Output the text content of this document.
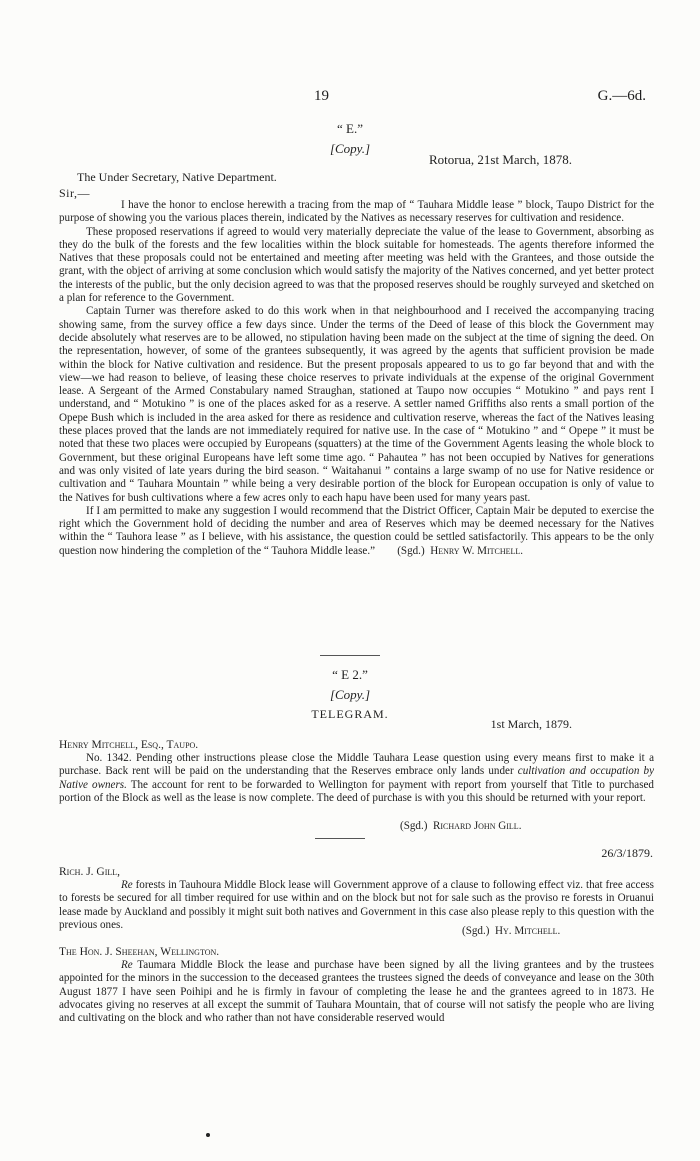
19	G.—6d.
“ E.”
[Copy.]
Rotorua, 21st March, 1878.
The Under Secretary, Native Department.
Sir,—

I have the honor to enclose herewith a tracing from the map of “ Tauhara Middle lease ” block, Taupo District for the purpose of showing you the various places therein, indicated by the Natives as necessary reserves for cultivation and residence.

These proposed reservations if agreed to would very materially depreciate the value of the lease to Government, absorbing as they do the bulk of the forests and the few localities within the block suitable for homesteads. The agents therefore informed the Natives that these proposals could not be entertained and meeting after meeting was held with the Grantees, and those outside the grant, with the object of arriving at some conclusion which would satisfy the majority of the Natives concerned, and yet better protect the interests of the public, but the only decision agreed to was that the proposed reserves should be roughly surveyed and sketched on a plan for reference to the Government.

Captain Turner was therefore asked to do this work when in that neighbourhood and I received the accompanying tracing showing same, from the survey office a few days since. Under the terms of the Deed of lease of this block the Government may decide absolutely what reserves are to be allowed, no stipulation having been made on the subject at the time of signing the deed. On the representation, however, of some of the grantees subsequently, it was agreed by the agents that sufficient provision be made within the block for Native cultivation and residence. But the present proposals appeared to us to go far beyond that and with the view—we had reason to believe, of leasing these choice reserves to private individuals at the expense of the original Government lease. A Sergeant of the Armed Constabulary named Straughan, stationed at Taupo now occupies “ Motukino ” and pays rent I understand, and “ Motukino ” is one of the places asked for as a reserve. A settler named Griffiths also rents a small portion of the Opepe Bush which is included in the area asked for there as residence and cultivation reserve, whereas the fact of the Natives leasing these places proved that the lands are not immediately required for native use. In the case of “ Motukino ” and “ Opepe ” it must be noted that these two places were occupied by Europeans (squatters) at the time of the Government Agents leasing the whole block to Government, but these original Europeans have left some time ago. “ Pahautea ” has not been occupied by Natives for generations and was only visited of late years during the bird season. “ Waitahanui ” contains a large swamp of no use for Native residence or cultivation and “ Tauhara Mountain ” while being a very desirable portion of the block for European occupation is only of value to the Natives for bush cultivations where a few acres only to each hapu have been used for many years past.

If I am permitted to make any suggestion I would recommend that the District Officer, Captain Mair be deputed to exercise the right which the Government hold of deciding the number and area of Reserves which may be deemed necessary for the Natives within the “ Tauhora lease ” as I believe, with his assistance, the question could be settled satisfactorily. This appears to be the only question now hindering the completion of the “ Tauhora Middle lease.” (Sgd.) Henry W. Mitchell.

“ E 2.”
[Copy.]
TELEGRAM.
1st March, 1879.
Henry Mitchell, Esq., Taupo.

No. 1342. Pending other instructions please close the Middle Tauhara Lease question using every means first to make it a purchase. Back rent will be paid on the understanding that the Reserves embrace only lands under cultivation and occupation by Native owners. The account for rent to be forwarded to Wellington for payment with report from yourself that Title to purchased portion of the Block as well as the lease is now complete. The deed of purchase is with you this should be returned with your report.

(Sgd.) Richard John Gill.
26/3/1879.
Rich. J. Gill,

Re forests in Tauhoura Middle Block lease will Government approve of a clause to following effect viz. that free access to forests be secured for all timber required for use within and on the block but not for sale such as the proviso re forests in Oruanui lease made by Auckland and possibly it might suit both natives and Government in this case also please reply to this question with the previous ones.

(Sgd.) Hy. Mitchell.
The Hon. J. Sheehan, Wellington.

Re Taumara Middle Block the lease and purchase have been signed by all the living grantees and by the trustees appointed for the minors in the succession to the deceased grantees the trustees signed the deeds of conveyance and lease on the 30th August 1877 I have seen Poihipi and he is firmly in favour of completing the lease he and the grantees agreed to in 1873. He advocates giving no reserves at all except the summit of Tauhara Mountain, that of course will not satisfy the people who are living and cultivating on the block and who rather than not have considerable reserved would
